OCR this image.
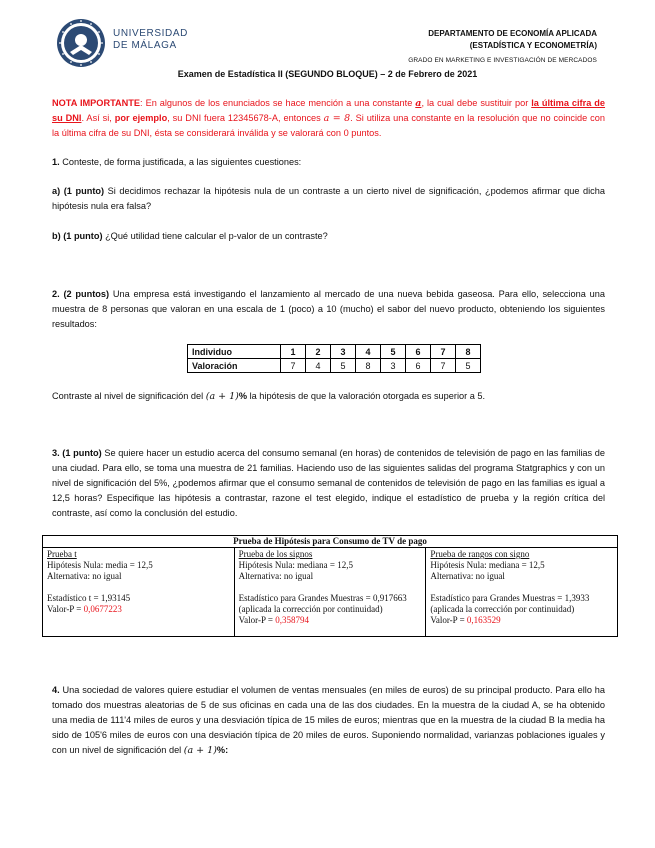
UNIVERSIDAD
DE MÁLAGA
DEPARTAMENTO DE ECONOMÍA APLICADA
(ESTADÍSTICA Y ECONOMETRÍA)
GRADO EN MARKETING E INVESTIGACIÓN DE MERCADOS
Examen de Estadística II (SEGUNDO BLOQUE) – 2 de Febrero de 2021
NOTA IMPORTANTE: En algunos de los enunciados se hace mención a una constante a, la cual debe sustituir por la última cifra de su DNI. Así si, por ejemplo, su DNI fuera 12345678-A, entonces a = 8. Si utiliza una constante en la resolución que no coincide con la última cifra de su DNI, ésta se considerará inválida y se valorará con 0 puntos.
1. Conteste, de forma justificada, a las siguientes cuestiones:
a) (1 punto) Si decidimos rechazar la hipótesis nula de un contraste a un cierto nivel de significación, ¿podemos afirmar que dicha hipótesis nula era falsa?
b) (1 punto) ¿Qué utilidad tiene calcular el p-valor de un contraste?
2. (2 puntos) Una empresa está investigando el lanzamiento al mercado de una nueva bebida gaseosa. Para ello, selecciona una muestra de 8 personas que valoran en una escala de 1 (poco) a 10 (mucho) el sabor del nuevo producto, obteniendo los siguientes resultados:
Individuo	1	2	3	4	5	6	7	8
Valoración	7	4	5	8	3	6	7	5
Contraste al nivel de significación del (a + 1)% la hipótesis de que la valoración otorgada es superior a 5.
3. (1 punto) Se quiere hacer un estudio acerca del consumo semanal (en horas) de contenidos de televisión de pago en las familias de una ciudad. Para ello, se toma una muestra de 21 familias. Haciendo uso de las siguientes salidas del programa Statgraphics y con un nivel de significación del 5%, ¿podemos afirmar que el consumo semanal de contenidos de televisión de pago en las familias es igual a 12,5 horas? Especifique las hipótesis a contrastar, razone el test elegido, indique el estadístico de prueba y la región crítica del contraste, así como la conclusión del estudio.
Prueba de Hipótesis para Consumo de TV de pago
Prueba t
Hipótesis Nula: media = 12,5
Alternativa: no igual
Estadístico t = 1,93145
Valor-P = 0,0677223
Prueba de los signos
Hipótesis Nula: mediana = 12,5
Alternativa: no igual
Estadístico para Grandes Muestras = 0,917663
(aplicada la corrección por continuidad)
Valor-P = 0,358794
Prueba de rangos con signo
Hipótesis Nula: mediana = 12,5
Alternativa: no igual
Estadístico para Grandes Muestras = 1,3933
(aplicada la corrección por continuidad)
Valor-P = 0,163529
4. Una sociedad de valores quiere estudiar el volumen de ventas mensuales (en miles de euros) de su principal producto. Para ello ha tomado dos muestras aleatorias de 5 de sus oficinas en cada una de las dos ciudades. En la muestra de la ciudad A, se ha obtenido una media de 111'4 miles de euros y una desviación típica de 15 miles de euros; mientras que en la muestra de la ciudad B la media ha sido de 105'6 miles de euros con una desviación típica de 20 miles de euros. Suponiendo normalidad, varianzas poblaciones iguales y con un nivel de significación del (a + 1)%:
